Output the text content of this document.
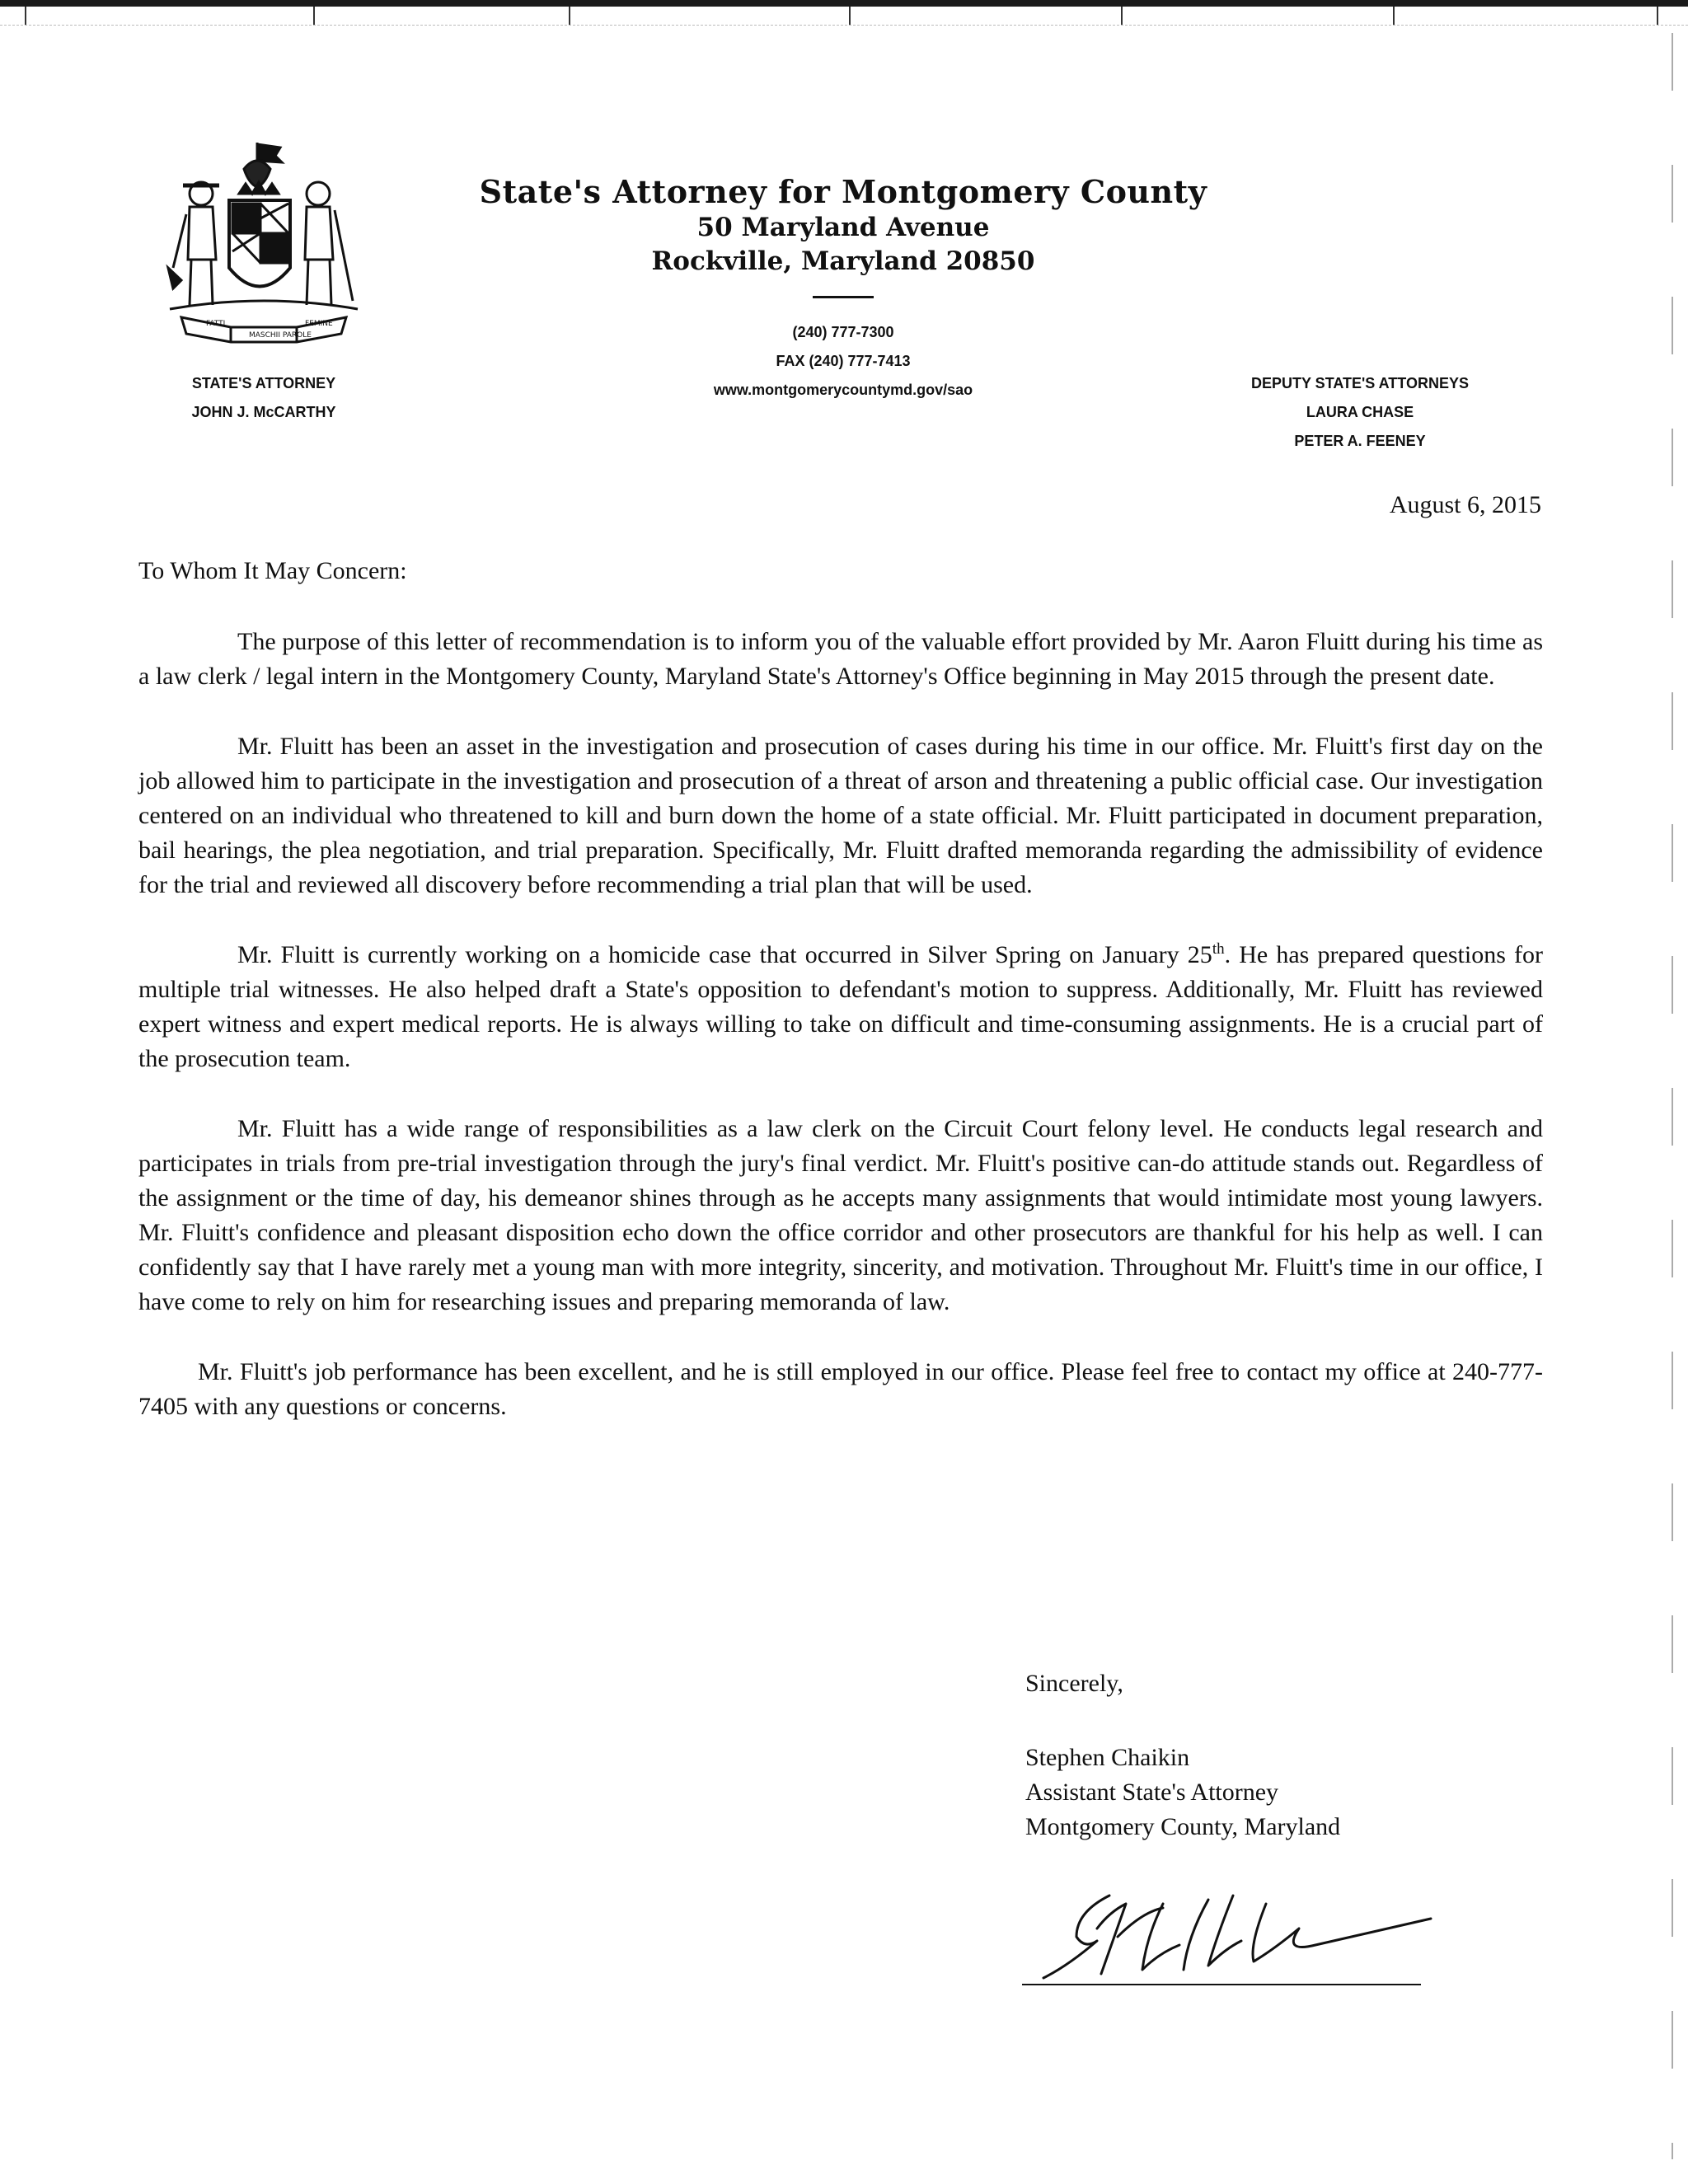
FATTI
MASCHII PAROLE
FEMINE
State's Attorney for Montgomery County
50 Maryland Avenue
Rockville, Maryland 20850
(240) 777-7300
FAX (240) 777-7413
www.montgomerycountymd.gov/sao
STATE'S ATTORNEY
JOHN J. McCARTHY
DEPUTY STATE'S ATTORNEYS
LAURA CHASE
PETER A. FEENEY
August 6, 2015
To Whom It May Concern:

The purpose of this letter of recommendation is to inform you of the valuable effort provided by Mr. Aaron Fluitt during his time as a law clerk / legal intern in the Montgomery County, Maryland State's Attorney's Office beginning in May 2015 through the present date.

Mr. Fluitt has been an asset in the investigation and prosecution of cases during his time in our office. Mr. Fluitt's first day on the job allowed him to participate in the investigation and prosecution of a threat of arson and threatening a public official case. Our investigation centered on an individual who threatened to kill and burn down the home of a state official. Mr. Fluitt participated in document preparation, bail hearings, the plea negotiation, and trial preparation. Specifically, Mr. Fluitt drafted memoranda regarding the admissibility of evidence for the trial and reviewed all discovery before recommending a trial plan that will be used.

Mr. Fluitt is currently working on a homicide case that occurred in Silver Spring on January 25th. He has prepared questions for multiple trial witnesses. He also helped draft a State's opposition to defendant's motion to suppress. Additionally, Mr. Fluitt has reviewed expert witness and expert medical reports. He is always willing to take on difficult and time-consuming assignments. He is a crucial part of the prosecution team.

Mr. Fluitt has a wide range of responsibilities as a law clerk on the Circuit Court felony level. He conducts legal research and participates in trials from pre-trial investigation through the jury's final verdict. Mr. Fluitt's positive can-do attitude stands out. Regardless of the assignment or the time of day, his demeanor shines through as he accepts many assignments that would intimidate most young lawyers. Mr. Fluitt's confidence and pleasant disposition echo down the office corridor and other prosecutors are thankful for his help as well. I can confidently say that I have rarely met a young man with more integrity, sincerity, and motivation. Throughout Mr. Fluitt's time in our office, I have come to rely on him for researching issues and preparing memoranda of law.

Mr. Fluitt's job performance has been excellent, and he is still employed in our office. Please feel free to contact my office at 240-777-7405 with any questions or concerns.

Sincerely,
Stephen Chaikin
Assistant State's Attorney
Montgomery County, Maryland
